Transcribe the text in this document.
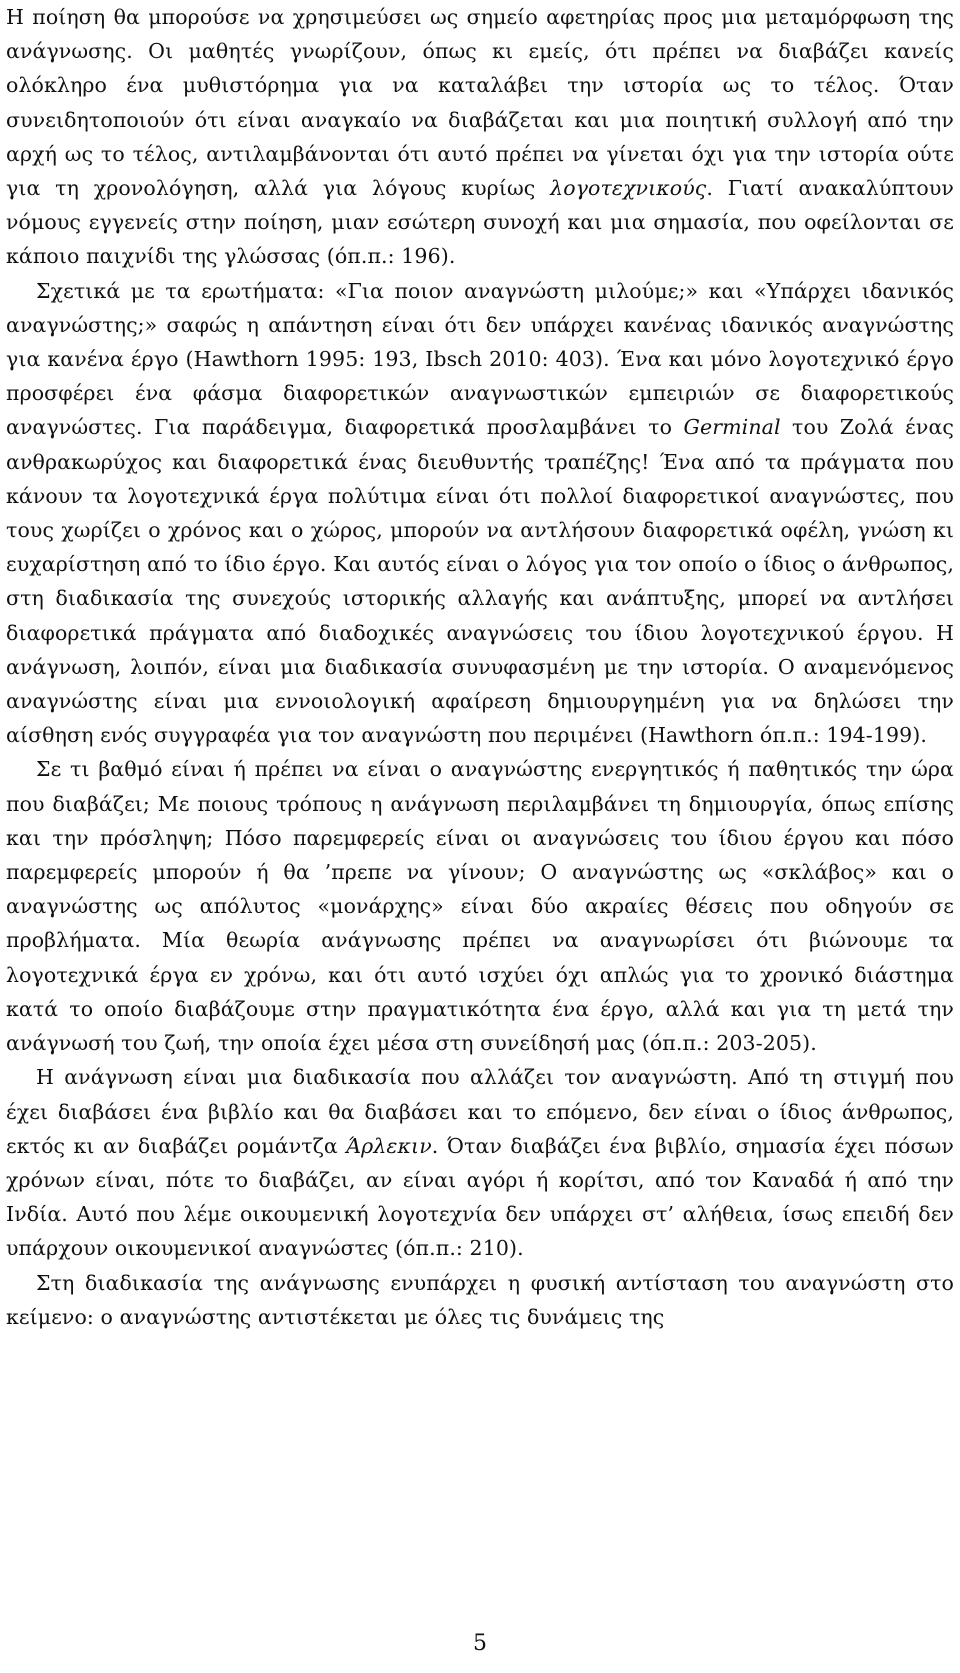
Η ποίηση θα μπορούσε να χρησιμεύσει ως σημείο αφετηρίας προς μια μεταμόρφωση της ανάγνωσης. Οι μαθητές γνωρίζουν, όπως κι εμείς, ότι πρέπει να διαβάζει κανείς ολόκληρο ένα μυθιστόρημα για να καταλάβει την ιστορία ως το τέλος. Όταν συνειδητοποιούν ότι είναι αναγκαίο να διαβάζεται και μια ποιητική συλλογή από την αρχή ως το τέλος, αντιλαμβάνονται ότι αυτό πρέπει να γίνεται όχι για την ιστορία ούτε για τη χρονολόγηση, αλλά για λόγους κυρίως λογοτεχνικούς. Γιατί ανακαλύπτουν νόμους εγγενείς στην ποίηση, μιαν εσώτερη συνοχή και μια σημασία, που οφείλονται σε κάποιο παιχνίδι της γλώσσας (όπ.π.: 196).

Σχετικά με τα ερωτήματα: «Για ποιον αναγνώστη μιλούμε;» και «Υπάρχει ιδανικός αναγνώστης;» σαφώς η απάντηση είναι ότι δεν υπάρχει κανένας ιδανικός αναγνώστης για κανένα έργο (Hawthorn 1995: 193, Ibsch 2010: 403). Ένα και μόνο λογοτεχνικό έργο προσφέρει ένα φάσμα διαφορετικών αναγνωστικών εμπειριών σε διαφορετικούς αναγνώστες. Για παράδειγμα, διαφορετικά προσλαμβάνει το Germinal του Ζολά ένας ανθρακωρύχος και διαφορετικά ένας διευθυντής τραπέζης! Ένα από τα πράγματα που κάνουν τα λογοτεχνικά έργα πολύτιμα είναι ότι πολλοί διαφορετικοί αναγνώστες, που τους χωρίζει ο χρόνος και ο χώρος, μπορούν να αντλήσουν διαφορετικά οφέλη, γνώση κι ευχαρίστηση από το ίδιο έργο. Και αυτός είναι ο λόγος για τον οποίο ο ίδιος ο άνθρωπος, στη διαδικασία της συνεχούς ιστορικής αλλαγής και ανάπτυξης, μπορεί να αντλήσει διαφορετικά πράγματα από διαδοχικές αναγνώσεις του ίδιου λογοτεχνικού έργου. Η ανάγνωση, λοιπόν, είναι μια διαδικασία συνυφασμένη με την ιστορία. Ο αναμενόμενος αναγνώστης είναι μια εννοιολογική αφαίρεση δημιουργημένη για να δηλώσει την αίσθηση ενός συγγραφέα για τον αναγνώστη που περιμένει (Hawthorn όπ.π.: 194-199).

Σε τι βαθμό είναι ή πρέπει να είναι ο αναγνώστης ενεργητικός ή παθητικός την ώρα που διαβάζει; Με ποιους τρόπους η ανάγνωση περιλαμβάνει τη δημιουργία, όπως επίσης και την πρόσληψη; Πόσο παρεμφερείς είναι οι αναγνώσεις του ίδιου έργου και πόσο παρεμφερείς μπορούν ή θα ’πρεπε να γίνουν; Ο αναγνώστης ως «σκλάβος» και ο αναγνώστης ως απόλυτος «μονάρχης» είναι δύο ακραίες θέσεις που οδηγούν σε προβλήματα. Μία θεωρία ανάγνωσης πρέπει να αναγνωρίσει ότι βιώνουμε τα λογοτεχνικά έργα εν χρόνω, και ότι αυτό ισχύει όχι απλώς για το χρονικό διάστημα κατά το οποίο διαβάζουμε στην πραγματικότητα ένα έργο, αλλά και για τη μετά την ανάγνωσή του ζωή, την οποία έχει μέσα στη συνείδησή μας (όπ.π.: 203-205).

Η ανάγνωση είναι μια διαδικασία που αλλάζει τον αναγνώστη. Από τη στιγμή που έχει διαβάσει ένα βιβλίο και θα διαβάσει και το επόμενο, δεν είναι ο ίδιος άνθρωπος, εκτός κι αν διαβάζει ρομάντζα Άρλεκιν. Όταν διαβάζει ένα βιβλίο, σημασία έχει πόσων χρόνων είναι, πότε το διαβάζει, αν είναι αγόρι ή κορίτσι, από τον Καναδά ή από την Ινδία. Αυτό που λέμε οικουμενική λογοτεχνία δεν υπάρχει στ’ αλήθεια, ίσως επειδή δεν υπάρχουν οικουμενικοί αναγνώστες (όπ.π.: 210).

Στη διαδικασία της ανάγνωσης ενυπάρχει η φυσική αντίσταση του αναγνώστη στο κείμενο: ο αναγνώστης αντιστέκεται με όλες τις δυνάμεις της

5
